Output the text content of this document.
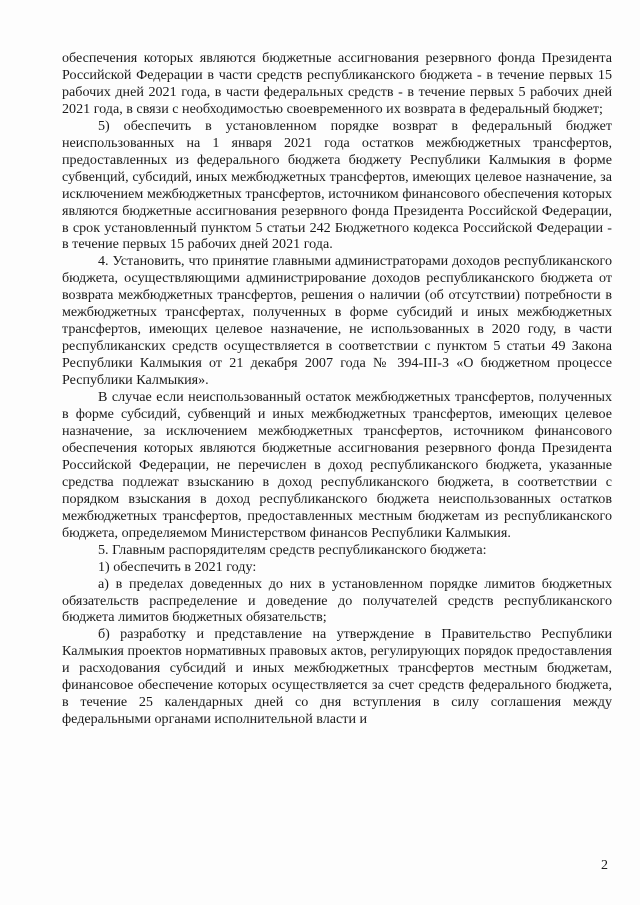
обеспечения которых являются бюджетные ассигнования резервного фонда Президента Российской Федерации в части средств республиканского бюджета - в течение первых 15 рабочих дней 2021 года, в части федеральных средств - в течение первых 5 рабочих дней 2021 года, в связи с необходимостью своевременного их возврата в федеральный бюджет;

5) обеспечить в установленном порядке возврат в федеральный бюджет неиспользованных на 1 января 2021 года остатков межбюджетных трансфертов, предоставленных из федерального бюджета бюджету Республики Калмыкия в форме субвенций, субсидий, иных межбюджетных трансфертов, имеющих целевое назначение, за исключением межбюджетных трансфертов, источником финансового обеспечения которых являются бюджетные ассигнования резервного фонда Президента Российской Федерации, в срок установленный пунктом 5 статьи 242 Бюджетного кодекса Российской Федерации - в течение первых 15 рабочих дней 2021 года.

4. Установить, что принятие главными администраторами доходов республиканского бюджета, осуществляющими администрирование доходов республиканского бюджета от возврата межбюджетных трансфертов, решения о наличии (об отсутствии) потребности в межбюджетных трансфертах, полученных в форме субсидий и иных межбюджетных трансфертов, имеющих целевое назначение, не использованных в 2020 году, в части республиканских средств осуществляется в соответствии с пунктом 5 статьи 49 Закона Республики Калмыкия от 21 декабря 2007 года № 394-III-З «О бюджетном процессе Республики Калмыкия».

В случае если неиспользованный остаток межбюджетных трансфертов, полученных в форме субсидий, субвенций и иных межбюджетных трансфертов, имеющих целевое назначение, за исключением межбюджетных трансфертов, источником финансового обеспечения которых являются бюджетные ассигнования резервного фонда Президента Российской Федерации, не перечислен в доход республиканского бюджета, указанные средства подлежат взысканию в доход республиканского бюджета, в соответствии с порядком взыскания в доход республиканского бюджета неиспользованных остатков межбюджетных трансфертов, предоставленных местным бюджетам из республиканского бюджета, определяемом Министерством финансов Республики Калмыкия.

5. Главным распорядителям средств республиканского бюджета:

1) обеспечить в 2021 году:

а) в пределах доведенных до них в установленном порядке лимитов бюджетных обязательств распределение и доведение до получателей средств республиканского бюджета лимитов бюджетных обязательств;

б) разработку и представление на утверждение в Правительство Республики Калмыкия проектов нормативных правовых актов, регулирующих порядок предоставления и расходования субсидий и иных межбюджетных трансфертов местным бюджетам, финансовое обеспечение которых осуществляется за счет средств федерального бюджета, в течение 25 календарных дней со дня вступления в силу соглашения между федеральными органами исполнительной власти и

2
